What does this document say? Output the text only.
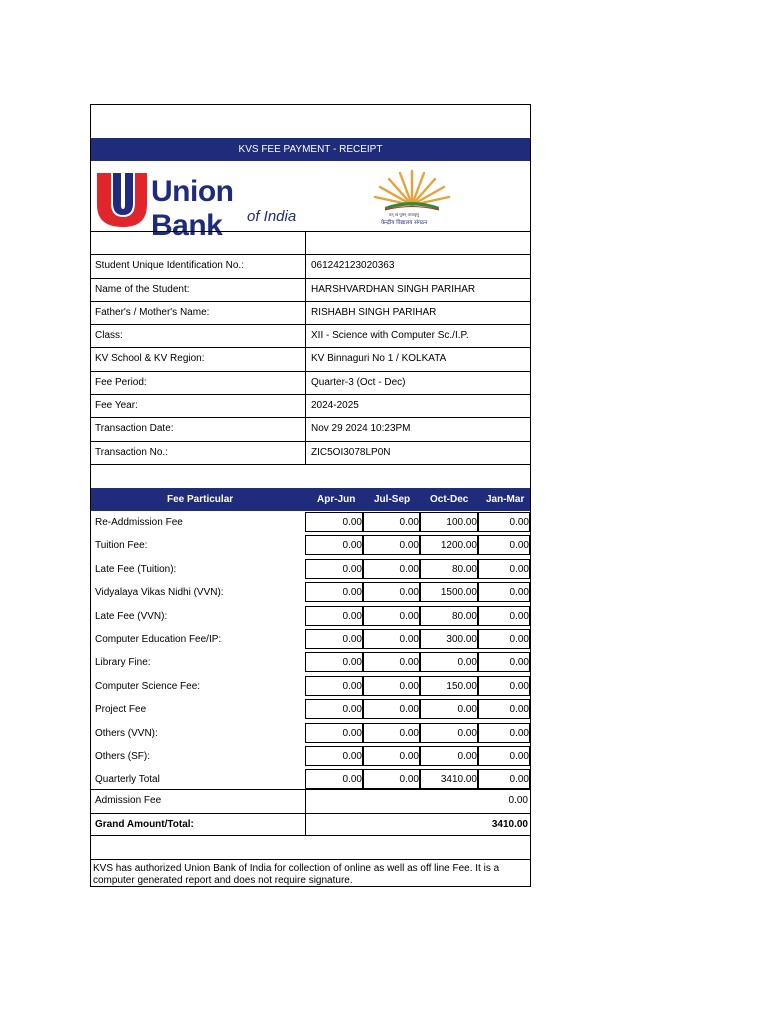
KVS FEE PAYMENT - RECEIPT
Union Bank	of India	तत् त्वं पूषन् अपावृणु
केन्द्रीय विद्यालय संगठन
Student Unique Identification No.:	061242123020363
Name of the Student:	HARSHVARDHAN SINGH PARIHAR
Father's / Mother's Name:	RISHABH SINGH PARIHAR
Class:	XII - Science with Computer Sc./I.P.
KV School & KV Region:	KV Binnaguri No 1 / KOLKATA
Fee Period:	Quarter-3 (Oct - Dec)
Fee Year:	2024-2025
Transaction Date:	Nov 29 2024 10:23PM
Transaction No.:	ZIC5OI3078LP0N
Fee Particular	Apr-Jun Jul-Sep Oct-Dec Jan-Mar
Re-Addmission Fee	0.00	0.00	100.00	0.00
Tuition Fee:	0.00	0.00	1200.00	0.00
Late Fee (Tuition):	0.00	0.00	80.00	0.00
Vidyalaya Vikas Nidhi (VVN):	0.00	0.00	1500.00	0.00
Late Fee (VVN):	0.00	0.00	80.00	0.00
Computer Education Fee/IP:	0.00	0.00	300.00	0.00
Library Fine:	0.00	0.00	0.00	0.00
Computer Science Fee:	0.00	0.00	150.00	0.00
Project Fee	0.00	0.00	0.00	0.00
Others (VVN):	0.00	0.00	0.00	0.00
Others (SF):	0.00	0.00	0.00	0.00
Quarterly Total	0.00	0.00	3410.00	0.00
Admission Fee	0.00
Grand Amount/Total:	3410.00
KVS has authorized Union Bank of India for collection of online as well as off line Fee. It is a computer generated report and does not require signature.
